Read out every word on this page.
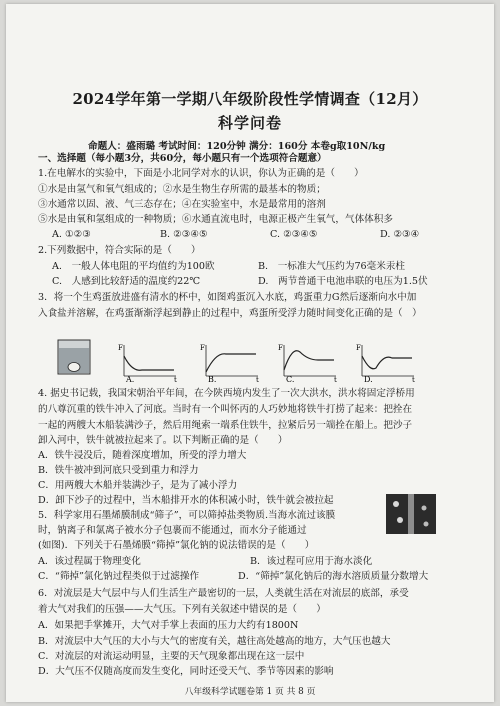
2024学年第一学期八年级阶段性学情调查（12月）
科学问卷
命题人：盛雨璐 考试时间：120分钟 满分：160分 本卷g取10N/kg
一、选择题（每小题3分，共60分，每小题只有一个选项符合题意）
1.在电解水的实验中，下面是小北同学对水的认识，你认为正确的是（　　）
①水是由氢气和氧气组成的；②水是生物生存所需的最基本的物质；
③水通常以固、液、气三态存在；④在实验室中，水是最常用的溶剂
⑤水是由氧和氢组成的一种物质；⑥水通直流电时，电源正极产生氧气，气体体积多
A. ①②③	B. ②③④⑤	C. ②③④⑤	D. ②③④
2.下列数据中，符合实际的是（　　）
A.　一般人体电阻的平均值约为100欧	B.　一标准大气压约为76毫米汞柱
C.　人感到比较舒适的温度约22℃	D.　两节普通干电池串联的电压为1.5伏
3．将一个生鸡蛋放进盛有清水的杯中，如图鸡蛋沉入水底，鸡蛋重力G然后逐渐向水中加
入食盐并溶解，在鸡蛋渐渐浮起到静止的过程中，鸡蛋所受浮力随时间变化正确的是（　）
F
t
A.
F
t
B.
F
t
C.
F
t
D.
4. 据史书记载，我国宋朝治平年间，在今陕西境内发生了一次大洪水，洪水将固定浮桥用
的八尊沉重的铁牛冲入了河底。当时有一个叫怀丙的人巧妙地将铁牛打捞了起来：把拴在
一起的两艘大木船装满沙子，然后用绳索一端系住铁牛，拉紧后另一端拴在船上。把沙子
卸入河中，铁牛就被拉起来了。以下判断正确的是（　　）
A．铁牛浸没后，随着深度增加，所受的浮力增大
B．铁牛被冲到河底只受到重力和浮力
C．用两艘大木船并装满沙子，是为了减小浮力
D．卸下沙子的过程中，当木船排开水的体积减小时，铁牛就会被拉起
5．科学家用石墨烯膜制成“筛子”，可以筛掉盐类物质.当海水流过该膜
时，钠离子和氯离子被水分子包裹而不能通过，而水分子能通过
(如图)．下列关于石墨烯膜“筛掉”氯化钠的说法错误的是（　　）
A．该过程属于物理变化	B．该过程可应用于海水淡化
C．“筛掉”氯化钠过程类似于过滤操作	D．“筛掉”氯化钠后的海水溶质质量分数增大
6．对流层是大气层中与人们生活生产最密切的一层，人类就生活在对流层的底部，承受
着大气对我们的压强——大气压。下列有关叙述中错误的是（　　）
A．如果把手掌摊开，大气对手掌上表面的压力大约有1800N
B．对流层中大气压的大小与大气的密度有关，越往高处越高的地方，大气压也越大
C．对流层的对流运动明显，主要的天气现象都出现在这一层中
D．大气压不仅随高度而发生变化，同时还受天气、季节等因素的影响
八年级科学试题卷第 1 页 共 8 页
